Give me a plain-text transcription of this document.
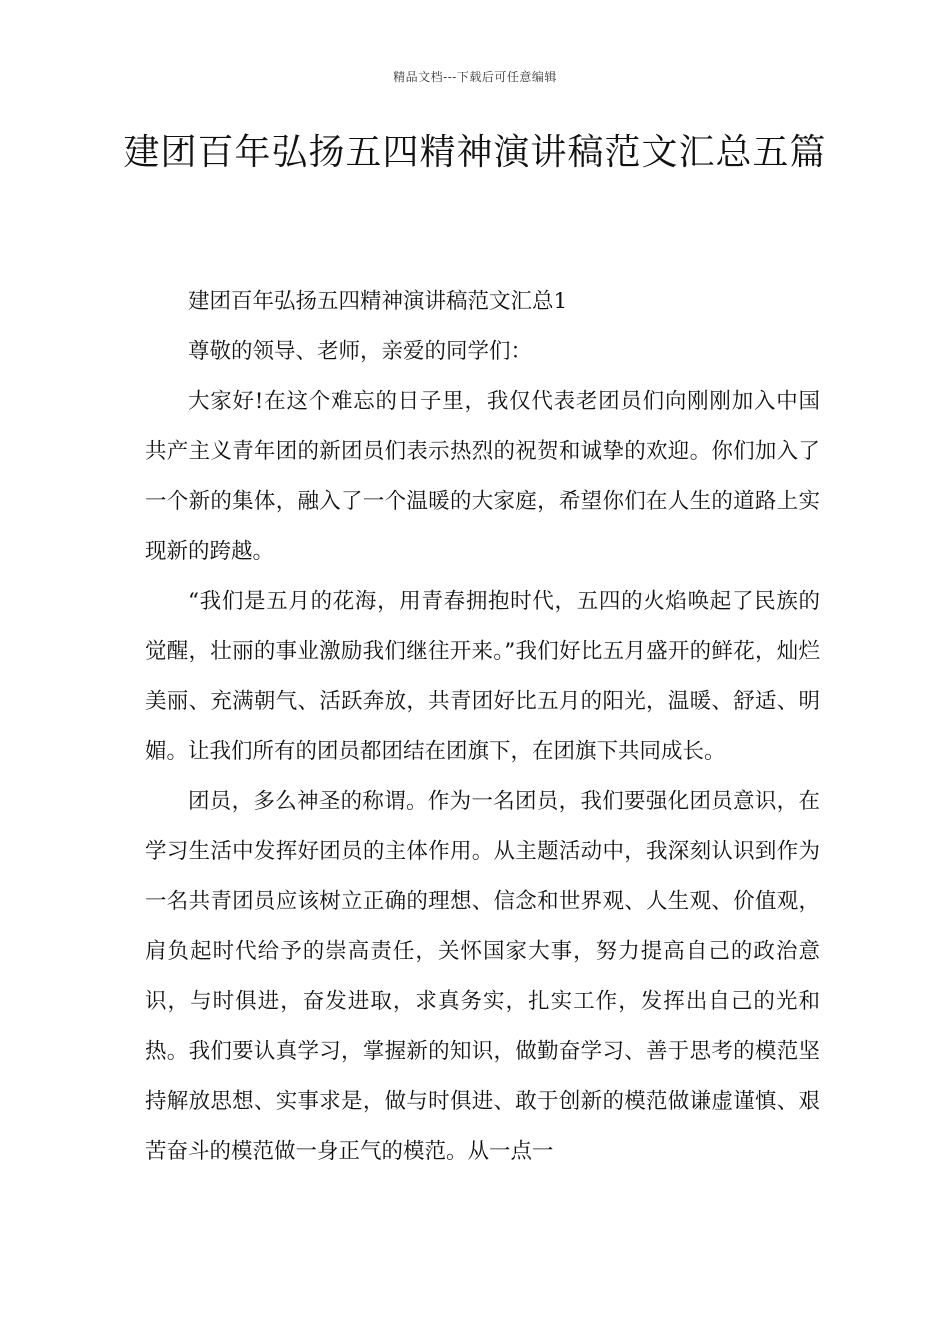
精品文档---下载后可任意编辑
建团百年弘扬五四精神演讲稿范文汇总五篇

建团百年弘扬五四精神演讲稿范文汇总1

尊敬的领导、老师，亲爱的同学们：

大家好!在这个难忘的日子里，我仅代表老团员们向刚刚加入中国共产主义青年团的新团员们表示热烈的祝贺和诚挚的欢迎。你们加入了一个新的集体，融入了一个温暖的大家庭，希望你们在人生的道路上实现新的跨越。

“我们是五月的花海，用青春拥抱时代，五四的火焰唤起了民族的觉醒，壮丽的事业激励我们继往开来。”我们好比五月盛开的鲜花，灿烂美丽、充满朝气、活跃奔放，共青团好比五月的阳光，温暖、舒适、明媚。让我们所有的团员都团结在团旗下，在团旗下共同成长。

团员，多么神圣的称谓。作为一名团员，我们要强化团员意识，在学习生活中发挥好团员的主体作用。从主题活动中，我深刻认识到作为一名共青团员应该树立正确的理想、信念和世界观、人生观、价值观，肩负起时代给予的崇高责任，关怀国家大事，努力提高自己的政治意识，与时俱进，奋发进取，求真务实，扎实工作，发挥出自己的光和热。我们要认真学习，掌握新的知识，做勤奋学习、善于思考的模范坚持解放思想、实事求是，做与时俱进、敢于创新的模范做谦虚谨慎、艰苦奋斗的模范做一身正气的模范。从一点一
